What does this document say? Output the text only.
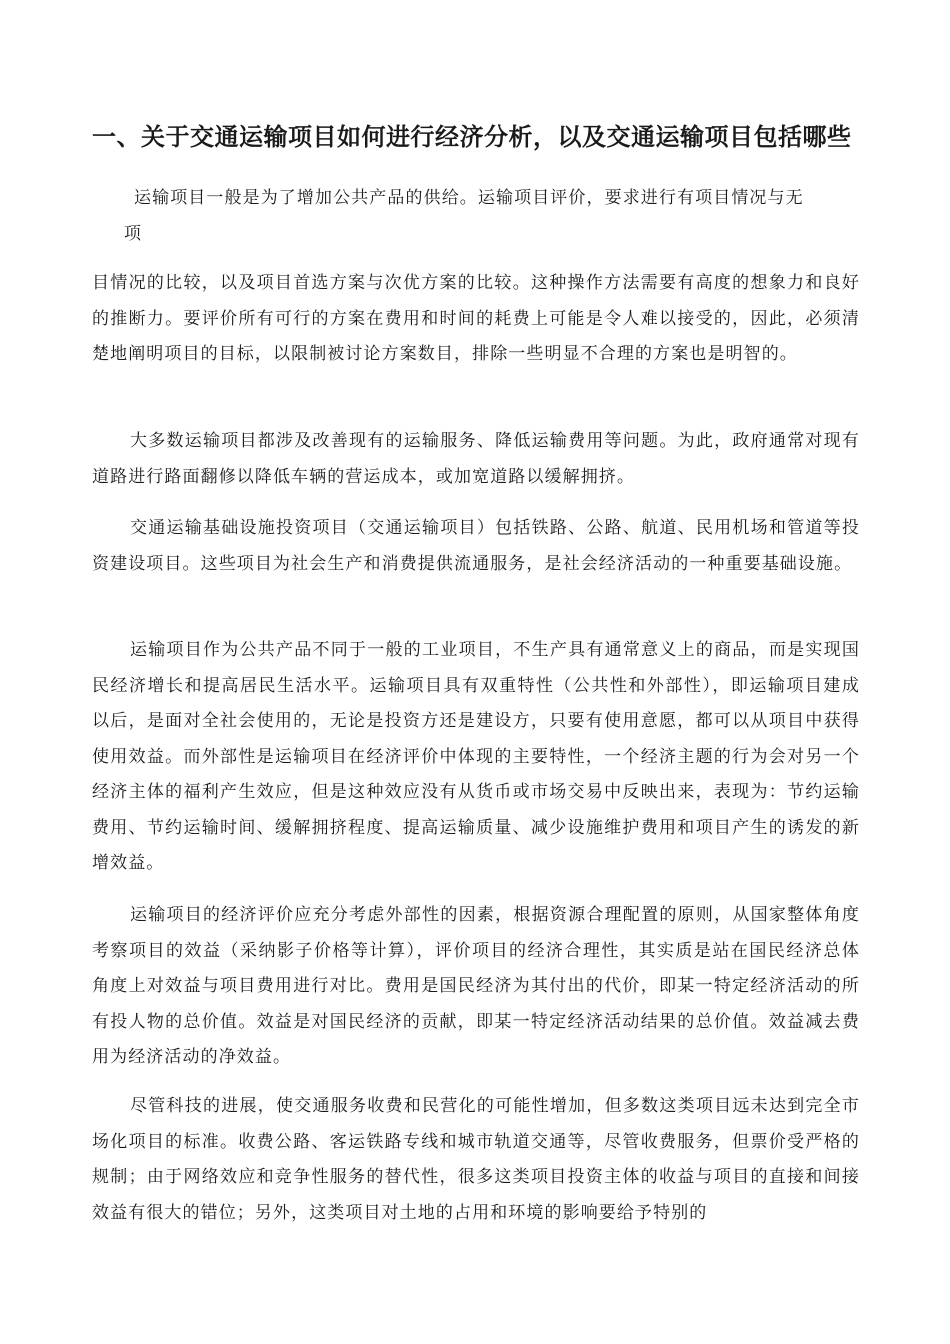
一、关于交通运输项目如何进行经济分析，以及交通运输项目包括哪些

运输项目一般是为了增加公共产品的供给。运输项目评价，要求进行有项目情况与无

项

目情况的比较，以及项目首选方案与次优方案的比较。这种操作方法需要有高度的想象力和良好的推断力。要评价所有可行的方案在费用和时间的耗费上可能是令人难以接受的，因此，必须清楚地阐明项目的目标，以限制被讨论方案数目，排除一些明显不合理的方案也是明智的。

大多数运输项目都涉及改善现有的运输服务、降低运输费用等问题。为此，政府通常对现有道路进行路面翻修以降低车辆的营运成本，或加宽道路以缓解拥挤。

交通运输基础设施投资项目（交通运输项目）包括铁路、公路、航道、民用机场和管道等投资建设项目。这些项目为社会生产和消费提供流通服务，是社会经济活动的一种重要基础设施。

运输项目作为公共产品不同于一般的工业项目，不生产具有通常意义上的商品，而是实现国民经济增长和提高居民生活水平。运输项目具有双重特性（公共性和外部性），即运输项目建成以后，是面对全社会使用的，无论是投资方还是建设方，只要有使用意愿，都可以从项目中获得使用效益。而外部性是运输项目在经济评价中体现的主要特性，一个经济主题的行为会对另一个经济主体的福利产生效应，但是这种效应没有从货币或市场交易中反映出来，表现为：节约运输费用、节约运输时间、缓解拥挤程度、提高运输质量、减少设施维护费用和项目产生的诱发的新增效益。

运输项目的经济评价应充分考虑外部性的因素，根据资源合理配置的原则，从国家整体角度考察项目的效益（采纳影子价格等计算），评价项目的经济合理性，其实质是站在国民经济总体角度上对效益与项目费用进行对比。费用是国民经济为其付出的代价，即某一特定经济活动的所有投人物的总价值。效益是对国民经济的贡献，即某一特定经济活动结果的总价值。效益减去费用为经济活动的净效益。

尽管科技的进展，使交通服务收费和民营化的可能性增加，但多数这类项目远未达到完全市场化项目的标准。收费公路、客运铁路专线和城市轨道交通等，尽管收费服务，但票价受严格的规制；由于网络效应和竞争性服务的替代性，很多这类项目投资主体的收益与项目的直接和间接效益有很大的错位；另外，这类项目对土地的占用和环境的影响要给予特别的
